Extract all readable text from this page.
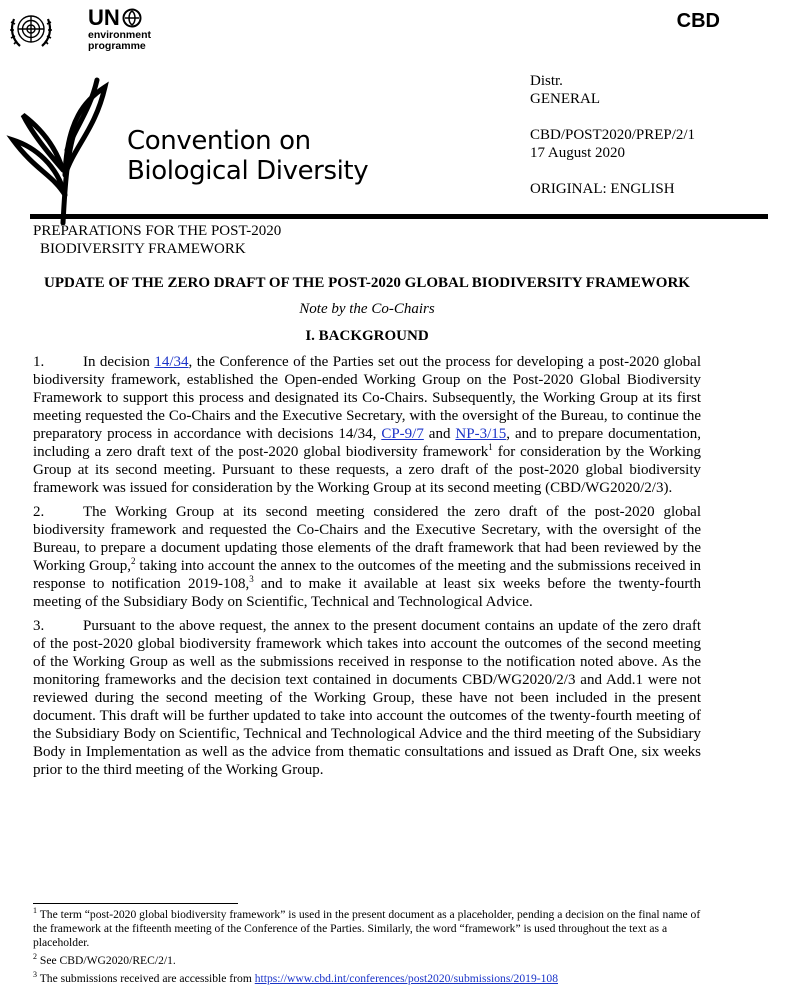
UN
environment
programme
CBD
Convention on
Biological Diversity
Distr.
GENERAL
CBD/POST2020/PREP/2/1
17 August 2020
ORIGINAL: ENGLISH
PREPARATIONS FOR THE POST-2020
BIODIVERSITY FRAMEWORK
UPDATE OF THE ZERO DRAFT OF THE POST-2020 GLOBAL BIODIVERSITY FRAMEWORK
Note by the Co-Chairs
I. BACKGROUND

1.	In decision 14/34, the Conference of the Parties set out the process for developing a post-2020 global biodiversity framework, established the Open-ended Working Group on the Post-2020 Global Biodiversity Framework to support this process and designated its Co-Chairs. Subsequently, the Working Group at its first meeting requested the Co-Chairs and the Executive Secretary, with the oversight of the Bureau, to continue the preparatory process in accordance with decisions 14/34, CP-9/7 and NP-3/15, and to prepare documentation, including a zero draft text of the post-2020 global biodiversity framework$^1$ for consideration by the Working Group at its second meeting. Pursuant to these requests, a zero draft of the post-2020 global biodiversity framework was issued for consideration by the Working Group at its second meeting (CBD/WG2020/2/3).

2.	The Working Group at its second meeting considered the zero draft of the post-2020 global biodiversity framework and requested the Co-Chairs and the Executive Secretary, with the oversight of the Bureau, to prepare a document updating those elements of the draft framework that had been reviewed by the Working Group,$^2$ taking into account the annex to the outcomes of the meeting and the submissions received in response to notification 2019-108,$^3$ and to make it available at least six weeks before the twenty-fourth meeting of the Subsidiary Body on Scientific, Technical and Technological Advice.

3.	Pursuant to the above request, the annex to the present document contains an update of the zero draft of the post-2020 global biodiversity framework which takes into account the outcomes of the second meeting of the Working Group as well as the submissions received in response to the notification noted above. As the monitoring frameworks and the decision text contained in documents CBD/WG2020/2/3 and Add.1 were not reviewed during the second meeting of the Working Group, these have not been included in the present document. This draft will be further updated to take into account the outcomes of the twenty-fourth meeting of the Subsidiary Body on Scientific, Technical and Technological Advice and the third meeting of the Subsidiary Body in Implementation as well as the advice from thematic consultations and issued as Draft One, six weeks prior to the third meeting of the Working Group.

$^1$ The term “post-2020 global biodiversity framework” is used in the present document as a placeholder, pending a decision on the final name of the framework at the fifteenth meeting of the Conference of the Parties. Similarly, the word “framework” is used throughout the text as a placeholder.

$^2$ See CBD/WG2020/REC/2/1.

$^3$ The submissions received are accessible from https://www.cbd.int/conferences/post2020/submissions/2019-108
